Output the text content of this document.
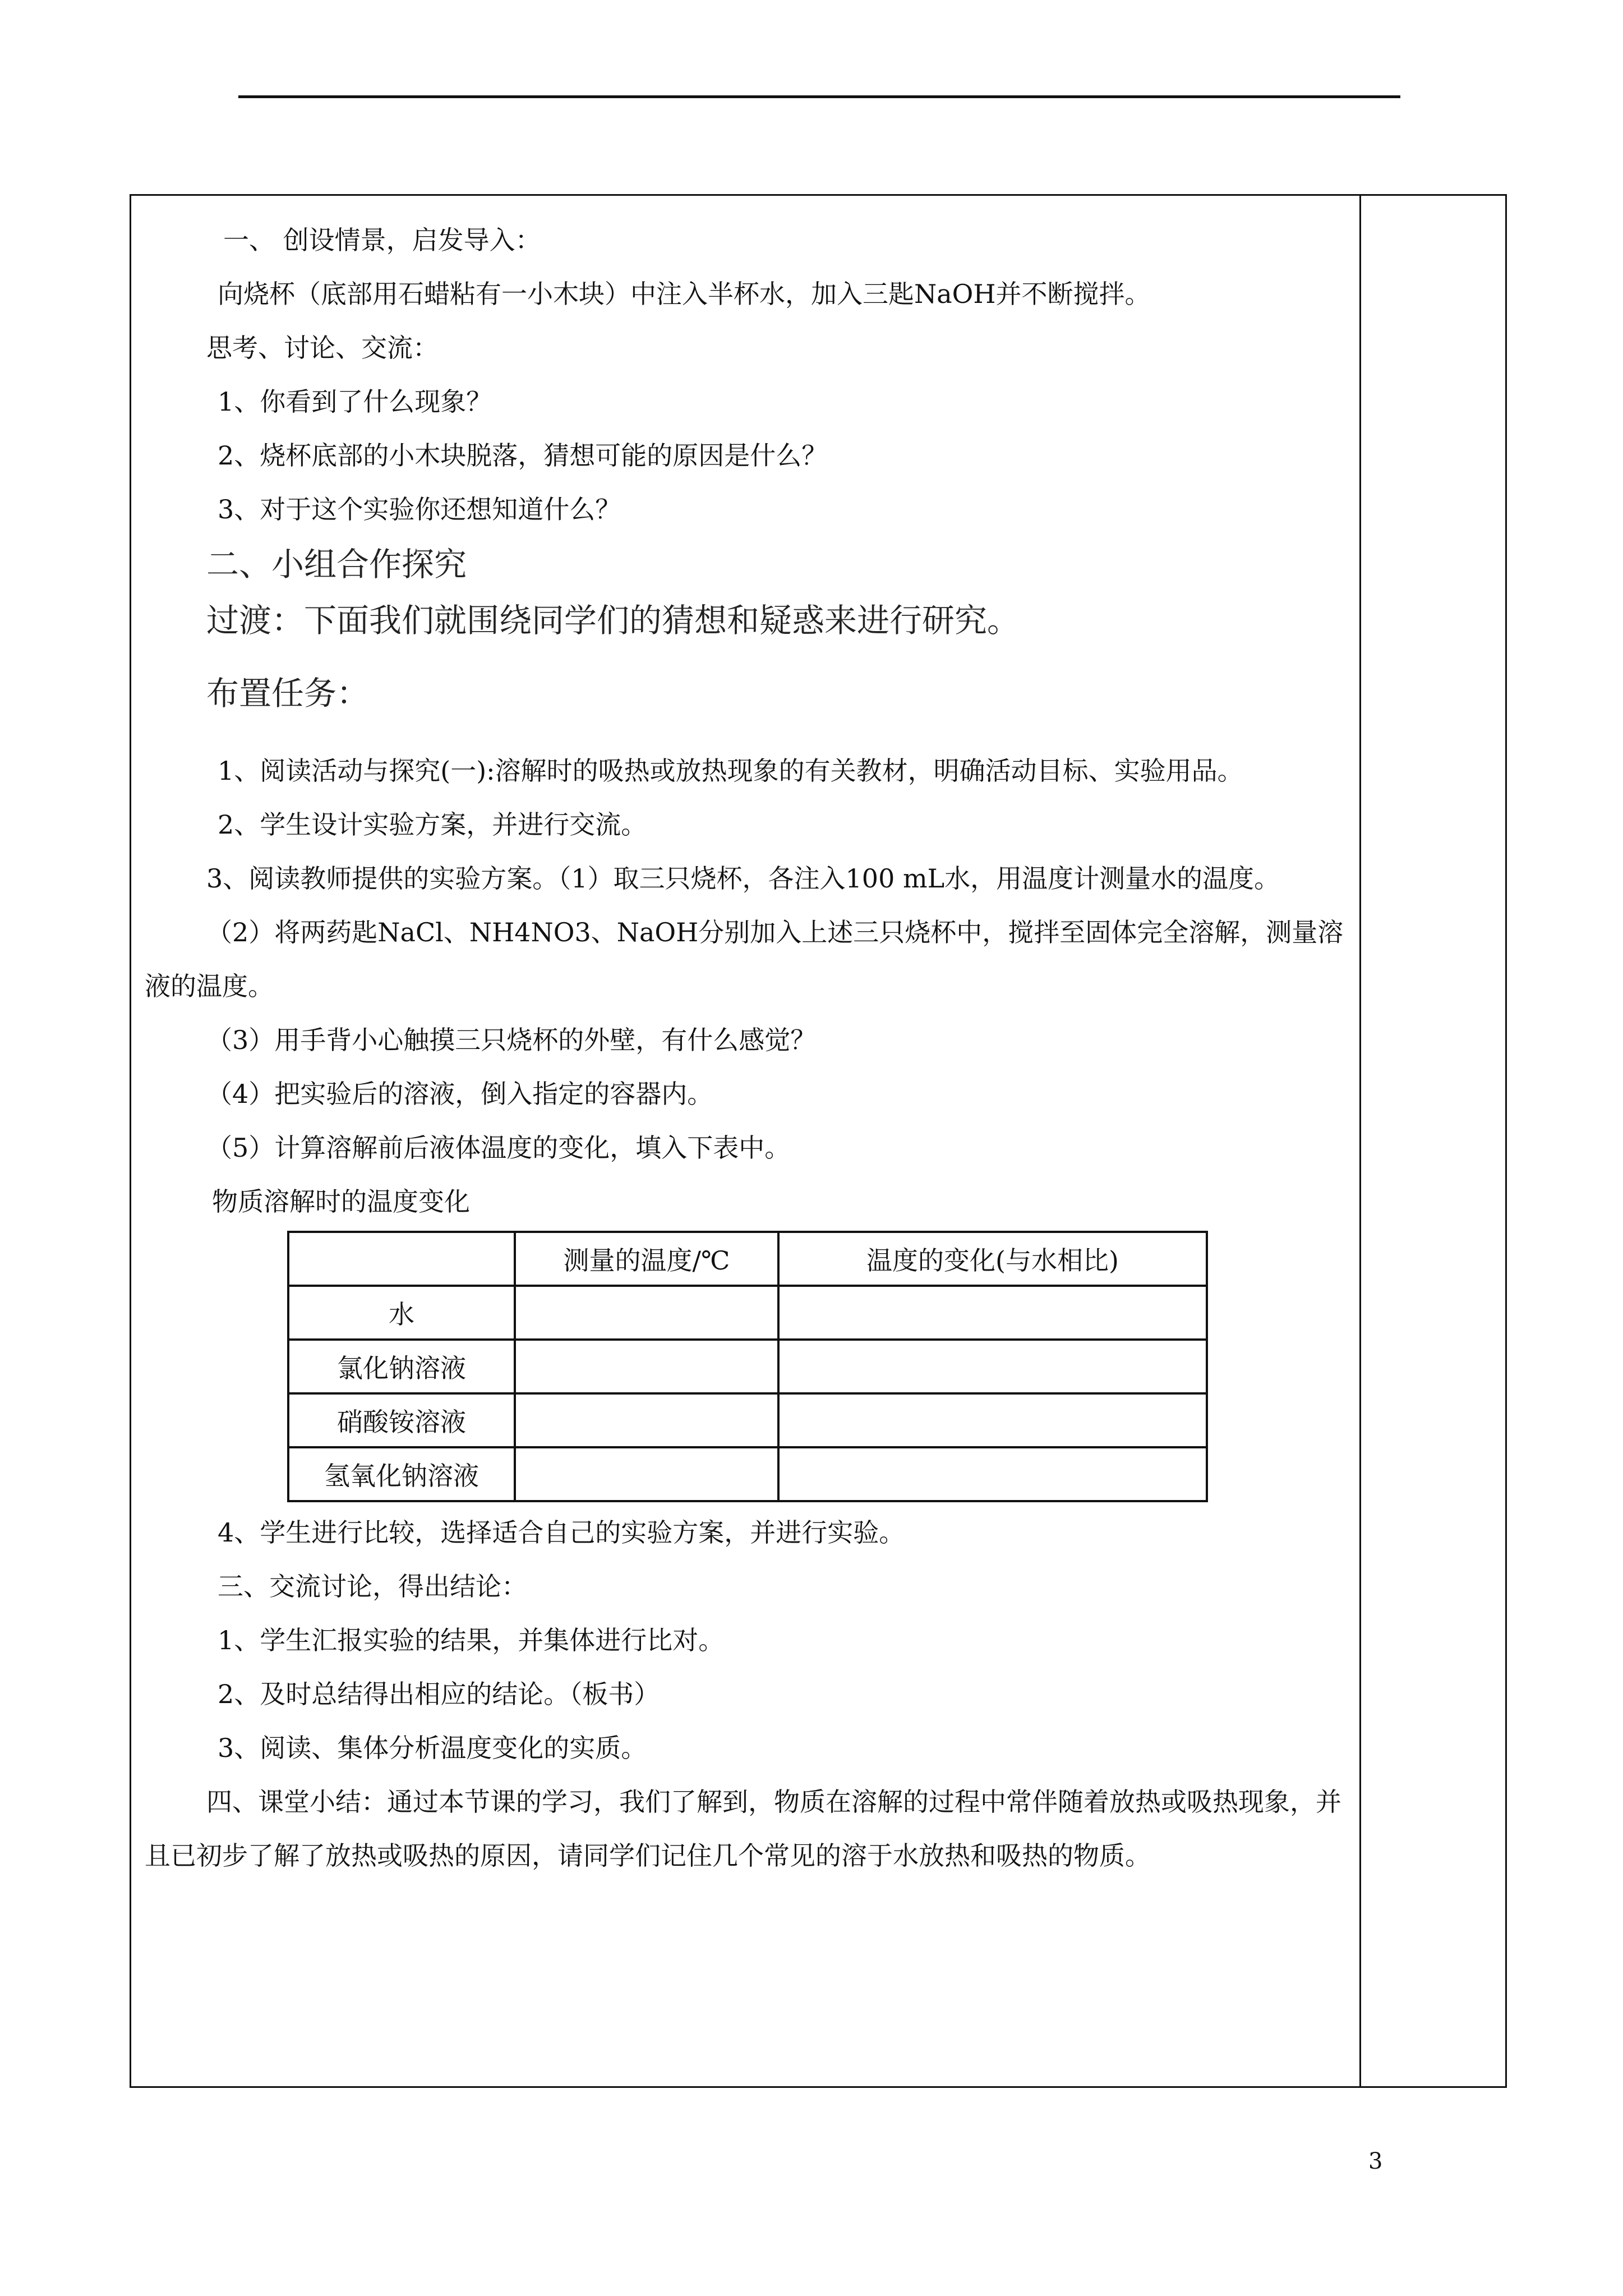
一、 创设情景，启发导入：

向烧杯（底部用石蜡粘有一小木块）中注入半杯水，加入三匙NaOH并不断搅拌。

思考、讨论、交流：

1、你看到了什么现象？

2、烧杯底部的小木块脱落，猜想可能的原因是什么？

3、对于这个实验你还想知道什么？

二、小组合作探究

过渡：下面我们就围绕同学们的猜想和疑惑来进行研究。

布置任务：

1、阅读活动与探究(一):溶解时的吸热或放热现象的有关教材，明确活动目标、实验用品。

2、学生设计实验方案，并进行交流。

3、阅读教师提供的实验方案。（1）取三只烧杯，各注入100 mL水，用温度计测量水的温度。

（2）将两药匙NaCl、NH4NO3、NaOH分别加入上述三只烧杯中，搅拌至固体完全溶解，测量溶液的温度。

（3）用手背小心触摸三只烧杯的外壁，有什么感觉？

（4）把实验后的溶液，倒入指定的容器内。

（5）计算溶解前后液体温度的变化，填入下表中。

物质溶解时的温度变化

	测量的温度/℃	温度的变化(与水相比)
水		
氯化钠溶液		
硝酸铵溶液		
氢氧化钠溶液		

4、学生进行比较，选择适合自己的实验方案，并进行实验。

三、交流讨论，得出结论：

1、学生汇报实验的结果，并集体进行比对。

2、及时总结得出相应的结论。（板书）

3、阅读、集体分析温度变化的实质。

四、课堂小结：通过本节课的学习，我们了解到，物质在溶解的过程中常伴随着放热或吸热现象，并且已初步了解了放热或吸热的原因，请同学们记住几个常见的溶于水放热和吸热的物质。

3
